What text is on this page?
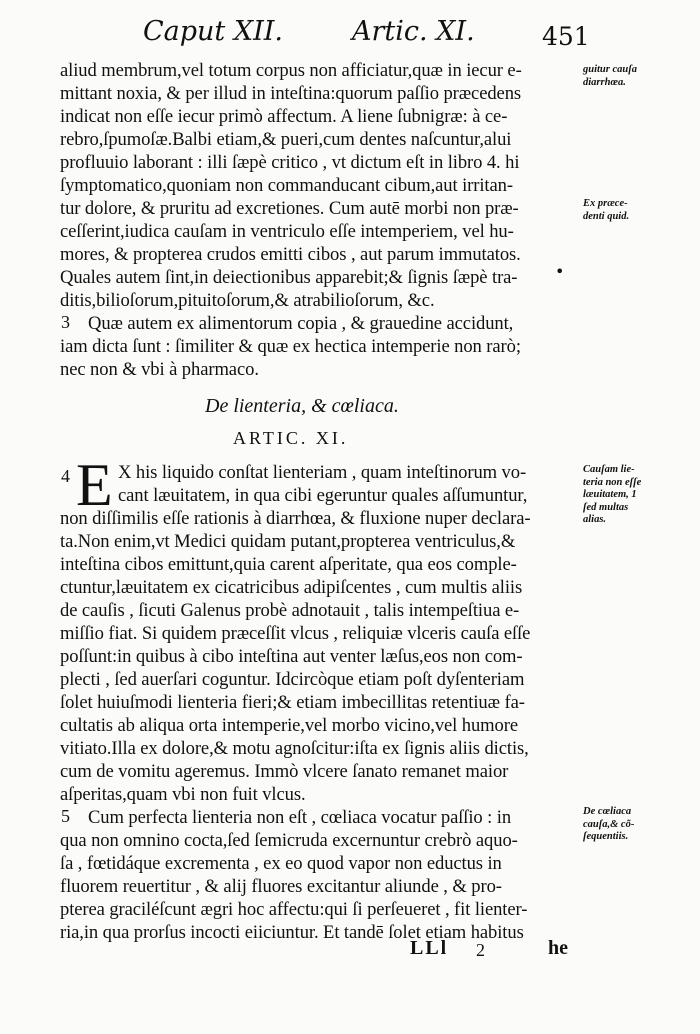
Caput XII.	Artic. XI.	451
aliud membrum,vel totum corpus non afficiatur,quæ in iecur e-
mittant noxia, & per illud in inteſtina:quorum paſſio præcedens
indicat non eſſe iecur primò affectum. A liene ſubnigræ: à ce-
rebro,ſpumoſæ.Balbi etiam,& pueri,cum dentes naſcuntur,alui
profluuio laborant : illi ſæpè critico , vt dictum eſt in libro 4. hi
ſymptomatico,quoniam non commanducant cibum,aut irritan-
tur dolore, & pruritu ad excretiones. Cum autē morbi non præ-
ceſſerint,iudica cauſam in ventriculo eſſe intemperiem, vel hu-
mores, & propterea crudos emitti cibos , aut parum immutatos.
Quales autem ſint,in deiectionibus apparebit;& ſignis ſæpè tra-
ditis,bilioſorum,pituitoſorum,& atrabilioſorum, &c.
•
3 Quæ autem ex alimentorum copia , & grauedine accidunt,
iam dicta ſunt : ſimiliter & quæ ex hectica intemperie non rarò;
nec non & vbi à pharmaco.
De lienteria, & cœliaca.
ARTIC. XI.
4 E X his liquido conſtat lienteriam , quam inteſtinorum vo-
cant læuitatem, in qua cibi egeruntur quales aſſumuntur,
non diſſimilis eſſe rationis à diarrhœa, & fluxione nuper declara-
ta.Non enim,vt Medici quidam putant,propterea ventriculus,&
inteſtina cibos emittunt,quia carent aſperitate, qua eos comple-
ctuntur,læuitatem ex cicatricibus adipiſcentes , cum multis aliis
de cauſis , ſicuti Galenus probè adnotauit , talis intempeſtiua e-
miſſio fiat. Si quidem præceſſit vlcus , reliquiæ vlceris cauſa eſſe
poſſunt:in quibus à cibo inteſtina aut venter læſus,eos non com-
plecti , ſed auerſari coguntur. Idcircòque etiam poſt dyſenteriam
ſolet huiuſmodi lienteria fieri;& etiam imbecillitas retentiuæ fa-
cultatis ab aliqua orta intemperie,vel morbo vicino,vel humore
vitiato.Illa ex dolore,& motu agnoſcitur:iſta ex ſignis aliis dictis,
cum de vomitu ageremus. Immò vlcere ſanato remanet maior
aſperitas,quam vbi non fuit vlcus.
5 Cum perfecta lienteria non eſt , cœliaca vocatur paſſio : in
qua non omnino cocta,ſed ſemicruda excernuntur crebrò aquo-
ſa , fœtidáque excrementa , ex eo quod vapor non eductus in
fluorem reuertitur , & alij fluores excitantur aliunde , & pro-
pterea graciléſcunt ægri hoc affectu:qui ſi perſeueret , fit lienter-
ria,in qua prorſus incocti eiiciuntur. Et tandē ſolet etiam habitus
guitur cauſa
diarrhœa.
Ex præce-
denti quid.
Cauſam lie-
teria non eſſe
læuitatem, 1
ſed multas
alias.
De cœliaca
cauſa,& cõ-
ſequentiis.
LLl 2	he
